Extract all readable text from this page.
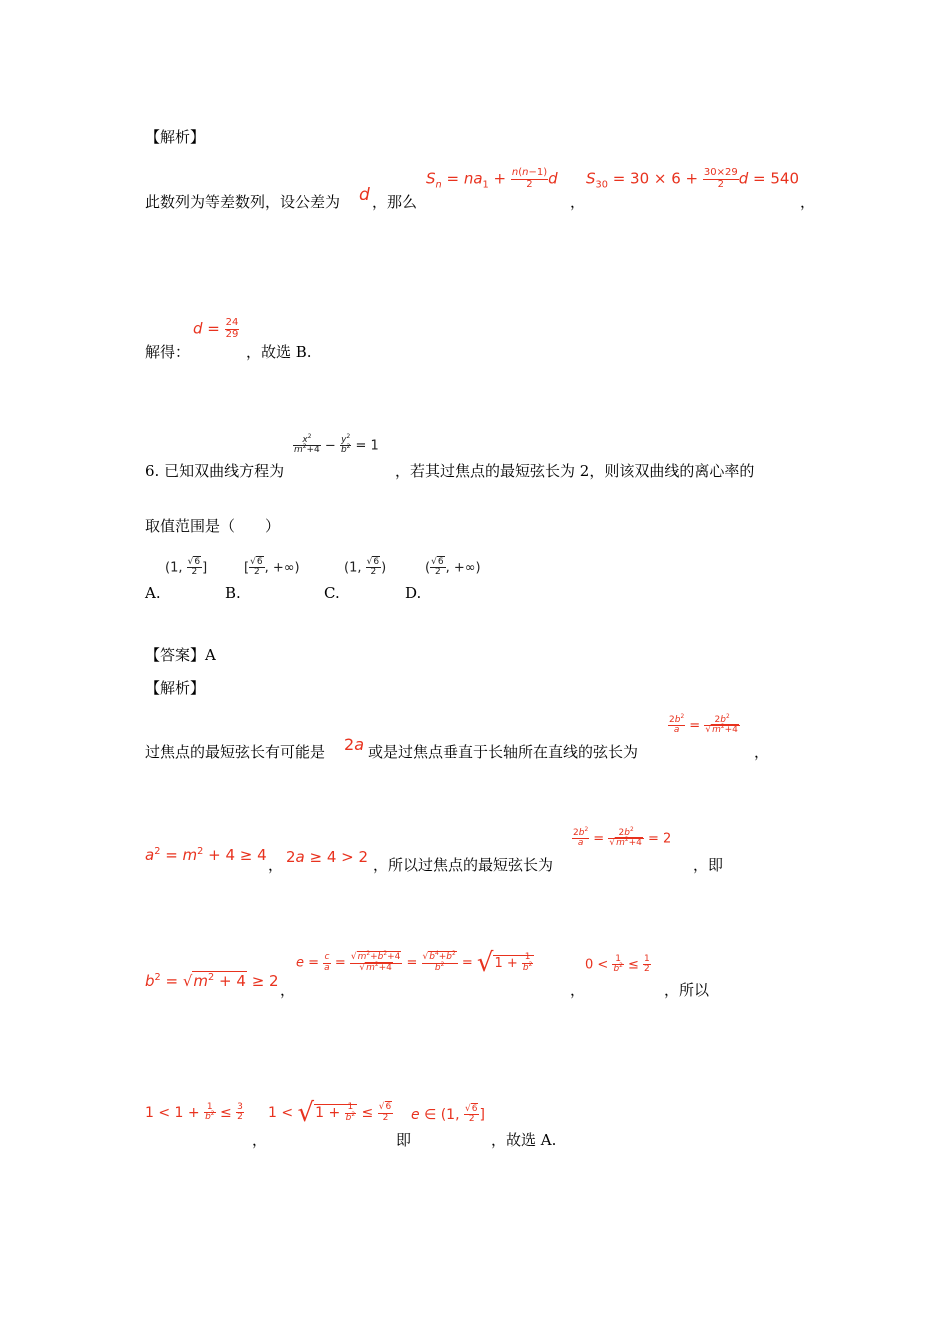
【解析】
此数列为等差数列，设公差为 d ，那么
$S_n = na_1 + \frac{n(n-1)}{2}$ d
，
$S_{30} = 30 \times 6 + \frac{30\times 29}{2}$ d = 540
，
$d = \frac{24}{29}$
解得：	，故选 B.
6. 已知双曲线方程为
$\frac{x^2}{m^2+4} - \frac{y^2}{b^2} = 1$
，若其过焦点的最短弦长为 2，则该双曲线的离心率的
取值范围是（　　）
A.
(1, $\frac{√6}{2}$ ]
B.
[ $\frac{√6}{2}$ , +∞)
C.
(1, $\frac{√6}{2}$ )
D.
( $\frac{√6}{2}$ , +∞)
【答案】A
【解析】
过焦点的最短弦长有可能是 2a 或是过焦点垂直于长轴所在直线的弦长为
$\frac{2b^2}{a} = \frac{2b^2}{√m^2+4}$
，
$a^2 = m^2 + 4 \ge 4$
， 2a ≥ 4 > 2 ，所以过焦点的最短弦长为
$\frac{2b^2}{a} = \frac{2b^2}{√m^2+4} = 2$
，即
$b^2 = √m^2 + 4 \ge 2$ ，
$e = \frac{c}{a} = \frac{√m^2+b^2+4}{√m^2+4} = \frac{√b^4+b^2}{b^2} = √1 + \frac{1}{b^2}$
，
$0 < \frac{1}{b^2} \le \frac{1}{2}$
，所以
$1 < 1 + \frac{1}{b^2} \le \frac{3}{2}$
，
$1 < √1 + \frac{1}{b^2} \le \frac{√6}{2}$
即
e ∈ (1, $\frac{√6}{2}$ ]
，故选 A.
